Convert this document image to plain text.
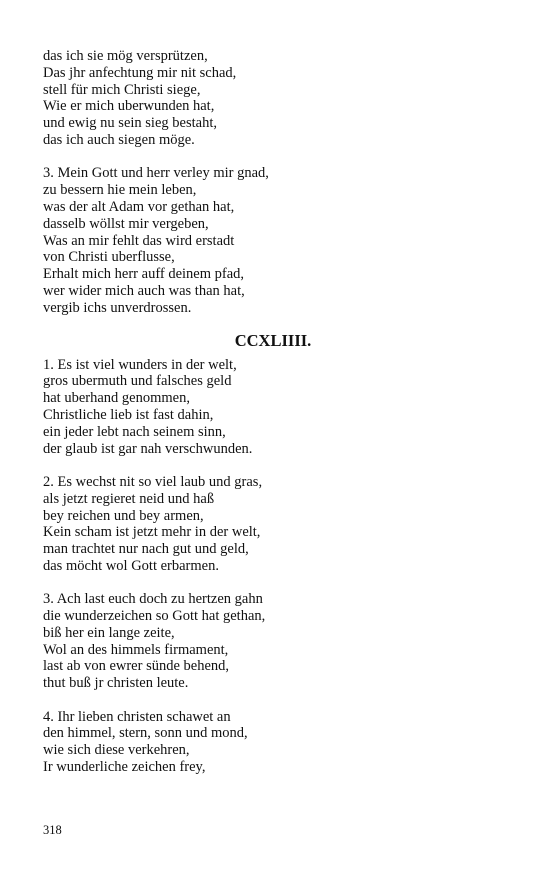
das ich sie mög versprützen,
Das jhr anfechtung mir nit schad,
stell für mich Christi siege,
Wie er mich uberwunden hat,
und ewig nu sein sieg bestaht,
das ich auch siegen möge.
3. Mein Gott und herr verley mir gnad,
zu bessern hie mein leben,
was der alt Adam vor gethan hat,
dasselb wöllst mir vergeben,
Was an mir fehlt das wird erstadt
von Christi uberflusse,
Erhalt mich herr auff deinem pfad,
wer wider mich auch was than hat,
vergib ichs unverdrossen.
CCXLIIII.
1. Es ist viel wunders in der welt,
gros ubermuth und falsches geld
hat uberhand genommen,
Christliche lieb ist fast dahin,
ein jeder lebt nach seinem sinn,
der glaub ist gar nah verschwunden.
2. Es wechst nit so viel laub und gras,
als jetzt regieret neid und haß
bey reichen und bey armen,
Kein scham ist jetzt mehr in der welt,
man trachtet nur nach gut und geld,
das möcht wol Gott erbarmen.
3. Ach last euch doch zu hertzen gahn
die wunderzeichen so Gott hat gethan,
biß her ein lange zeite,
Wol an des himmels firmament,
last ab von ewrer sünde behend,
thut buß jr christen leute.
4. Ihr lieben christen schawet an
den himmel, stern, sonn und mond,
wie sich diese verkehren,
Ir wunderliche zeichen frey,
318
